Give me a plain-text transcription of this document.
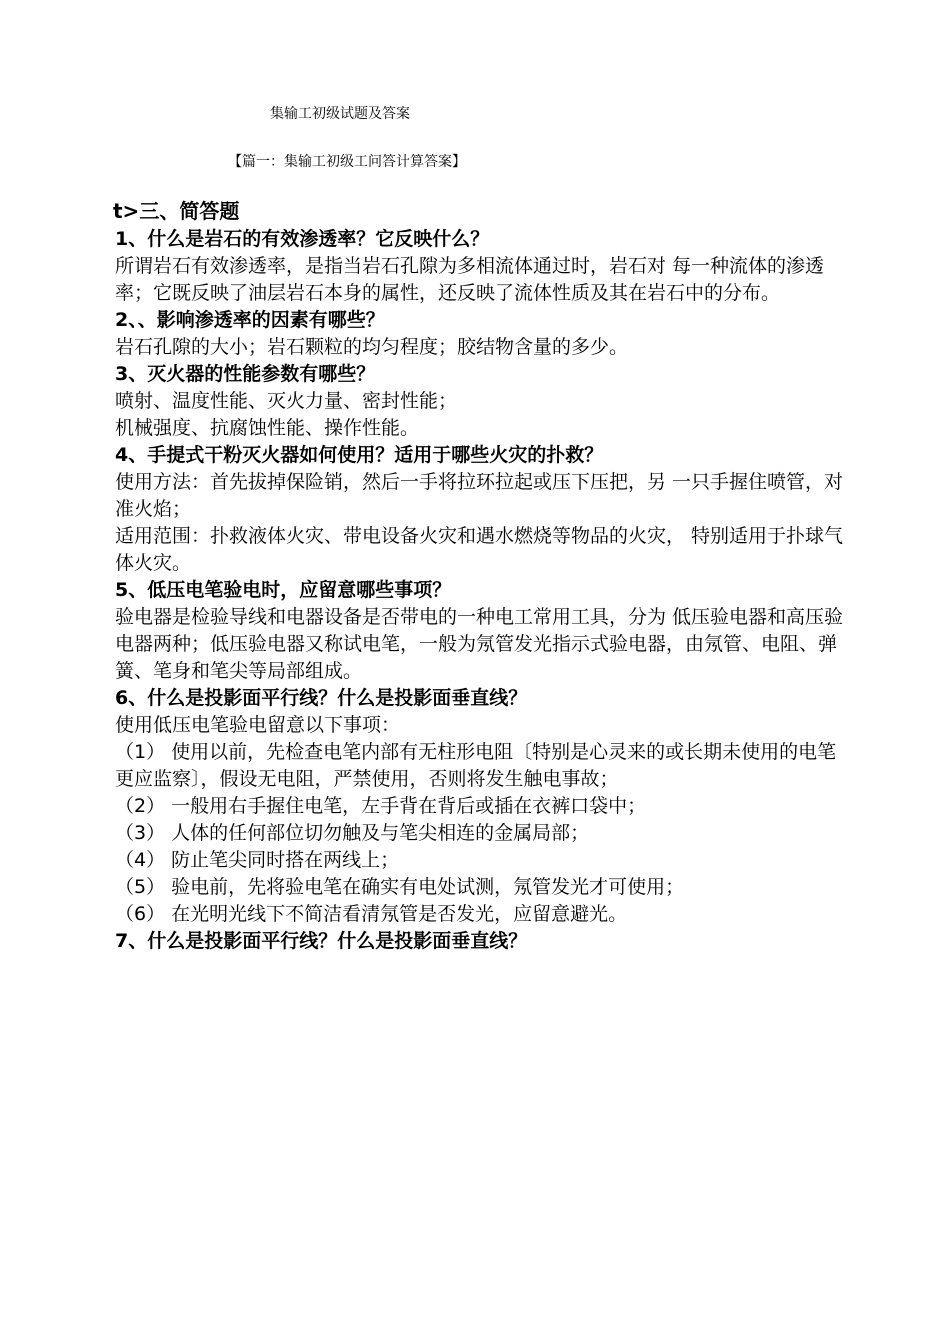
集输工初级试题及答案
【篇一：集输工初级工问答计算答案】
t>三、简答题

1、什么是岩石的有效渗透率？它反映什么？

所谓岩石有效渗透率，是指当岩石孔隙为多相流体通过时，岩石对 每一种流体的渗透率；它既反映了油层岩石本身的属性，还反映了流体性质及其在岩石中的分布。

2、、影响渗透率的因素有哪些？

岩石孔隙的大小；岩石颗粒的均匀程度；胶结物含量的多少。

3、灭火器的性能参数有哪些？

喷射、温度性能、灭火力量、密封性能；

机械强度、抗腐蚀性能、操作性能。

4、手提式干粉灭火器如何使用？适用于哪些火灾的扑救？

使用方法：首先拔掉保险销，然后一手将拉环拉起或压下压把，另 一只手握住喷管，对准火焰；

适用范围：扑救液体火灾、带电设备火灾和遇水燃烧等物品的火灾， 特别适用于扑球气体火灾。

5、低压电笔验电时，应留意哪些事项？

验电器是检验导线和电器设备是否带电的一种电工常用工具，分为 低压验电器和高压验电器两种；低压验电器又称试电笔，一般为氖管发光指示式验电器，由氖管、电阻、弹簧、笔身和笔尖等局部组成。

6、什么是投影面平行线？什么是投影面垂直线？

使用低压电笔验电留意以下事项：

（1） 使用以前，先检查电笔内部有无柱形电阻〔特别是心灵来的或长期未使用的电笔更应监察〕，假设无电阻，严禁使用，否则将发生触电事故；

（2） 一般用右手握住电笔，左手背在背后或插在衣裤口袋中；

（3） 人体的任何部位切勿触及与笔尖相连的金属局部；

（4） 防止笔尖同时搭在两线上；

（5） 验电前，先将验电笔在确实有电处试测，氖管发光才可使用；

（6） 在光明光线下不简洁看清氖管是否发光，应留意避光。

7、什么是投影面平行线？什么是投影面垂直线？
